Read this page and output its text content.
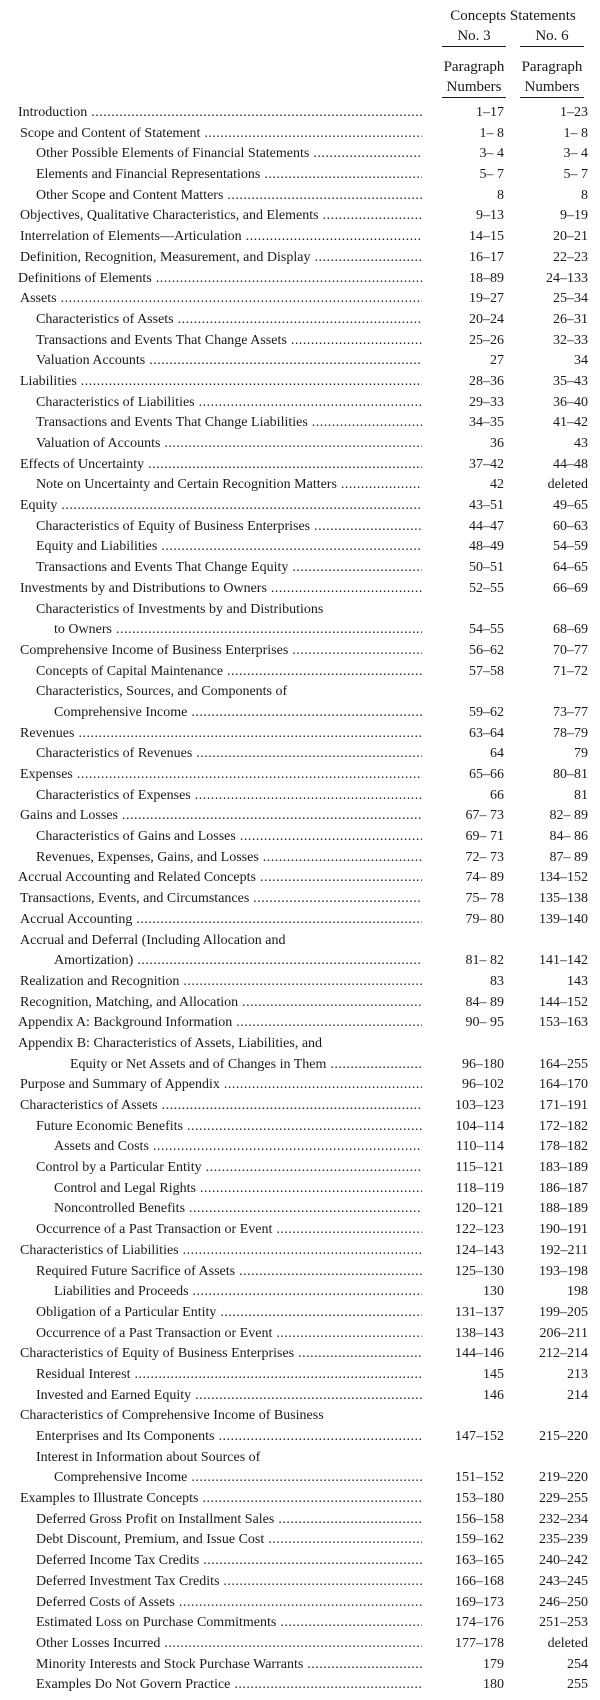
Concepts Statements
No. 3
Paragraph
Numbers
No. 6
Paragraph
Numbers
Introduction .....	1–17	1–23
Scope and Content of Statement .....	1– 8	1– 8
Other Possible Elements of Financial Statements .....	3– 4	3– 4
Elements and Financial Representations .....	5– 7	5– 7
Other Scope and Content Matters .....	8	8
Objectives, Qualitative Characteristics, and Elements .....	9–13	9–19
Interrelation of Elements—Articulation .....	14–15	20–21
Definition, Recognition, Measurement, and Display .....	16–17	22–23
Definitions of Elements .....	18–89	24–133
Assets .....	19–27	25–34
Characteristics of Assets .....	20–24	26–31
Transactions and Events That Change Assets .....	25–26	32–33
Valuation Accounts .....	27	34
Liabilities .....	28–36	35–43
Characteristics of Liabilities .....	29–33	36–40
Transactions and Events That Change Liabilities .....	34–35	41–42
Valuation of Accounts .....	36	43
Effects of Uncertainty .....	37–42	44–48
Note on Uncertainty and Certain Recognition Matters .....	42	deleted
Equity .....	43–51	49–65
Characteristics of Equity of Business Enterprises .....	44–47	60–63
Equity and Liabilities .....	48–49	54–59
Transactions and Events That Change Equity .....	50–51	64–65
Investments by and Distributions to Owners .....	52–55	66–69
Characteristics of Investments by and Distributions
to Owners .....	54–55	68–69
Comprehensive Income of Business Enterprises .....	56–62	70–77
Concepts of Capital Maintenance .....	57–58	71–72
Characteristics, Sources, and Components of
Comprehensive Income .....	59–62	73–77
Revenues .....	63–64	78–79
Characteristics of Revenues .....	64	79
Expenses .....	65–66	80–81
Characteristics of Expenses .....	66	81
Gains and Losses .....	67– 73	82– 89
Characteristics of Gains and Losses .....	69– 71	84– 86
Revenues, Expenses, Gains, and Losses .....	72– 73	87– 89
Accrual Accounting and Related Concepts .....	74– 89	134–152
Transactions, Events, and Circumstances .....	75– 78	135–138
Accrual Accounting .....	79– 80	139–140
Accrual and Deferral (Including Allocation and
Amortization) .....	81– 82	141–142
Realization and Recognition .....	83	143
Recognition, Matching, and Allocation .....	84– 89	144–152
Appendix A: Background Information .....	90– 95	153–163
Appendix B: Characteristics of Assets, Liabilities, and
Equity or Net Assets and of Changes in Them .....	96–180	164–255
Purpose and Summary of Appendix .....	96–102	164–170
Characteristics of Assets .....	103–123	171–191
Future Economic Benefits .....	104–114	172–182
Assets and Costs .....	110–114	178–182
Control by a Particular Entity .....	115–121	183–189
Control and Legal Rights .....	118–119	186–187
Noncontrolled Benefits .....	120–121	188–189
Occurrence of a Past Transaction or Event .....	122–123	190–191
Characteristics of Liabilities .....	124–143	192–211
Required Future Sacrifice of Assets .....	125–130	193–198
Liabilities and Proceeds .....	130	198
Obligation of a Particular Entity .....	131–137	199–205
Occurrence of a Past Transaction or Event .....	138–143	206–211
Characteristics of Equity of Business Enterprises .....	144–146	212–214
Residual Interest .....	145	213
Invested and Earned Equity .....	146	214
Characteristics of Comprehensive Income of Business
Enterprises and Its Components .....	147–152	215–220
Interest in Information about Sources of
Comprehensive Income .....	151–152	219–220
Examples to Illustrate Concepts .....	153–180	229–255
Deferred Gross Profit on Installment Sales .....	156–158	232–234
Debt Discount, Premium, and Issue Cost .....	159–162	235–239
Deferred Income Tax Credits .....	163–165	240–242
Deferred Investment Tax Credits .....	166–168	243–245
Deferred Costs of Assets .....	169–173	246–250
Estimated Loss on Purchase Commitments .....	174–176	251–253
Other Losses Incurred .....	177–178	deleted
Minority Interests and Stock Purchase Warrants .....	179	254
Examples Do Not Govern Practice .....	180	255
